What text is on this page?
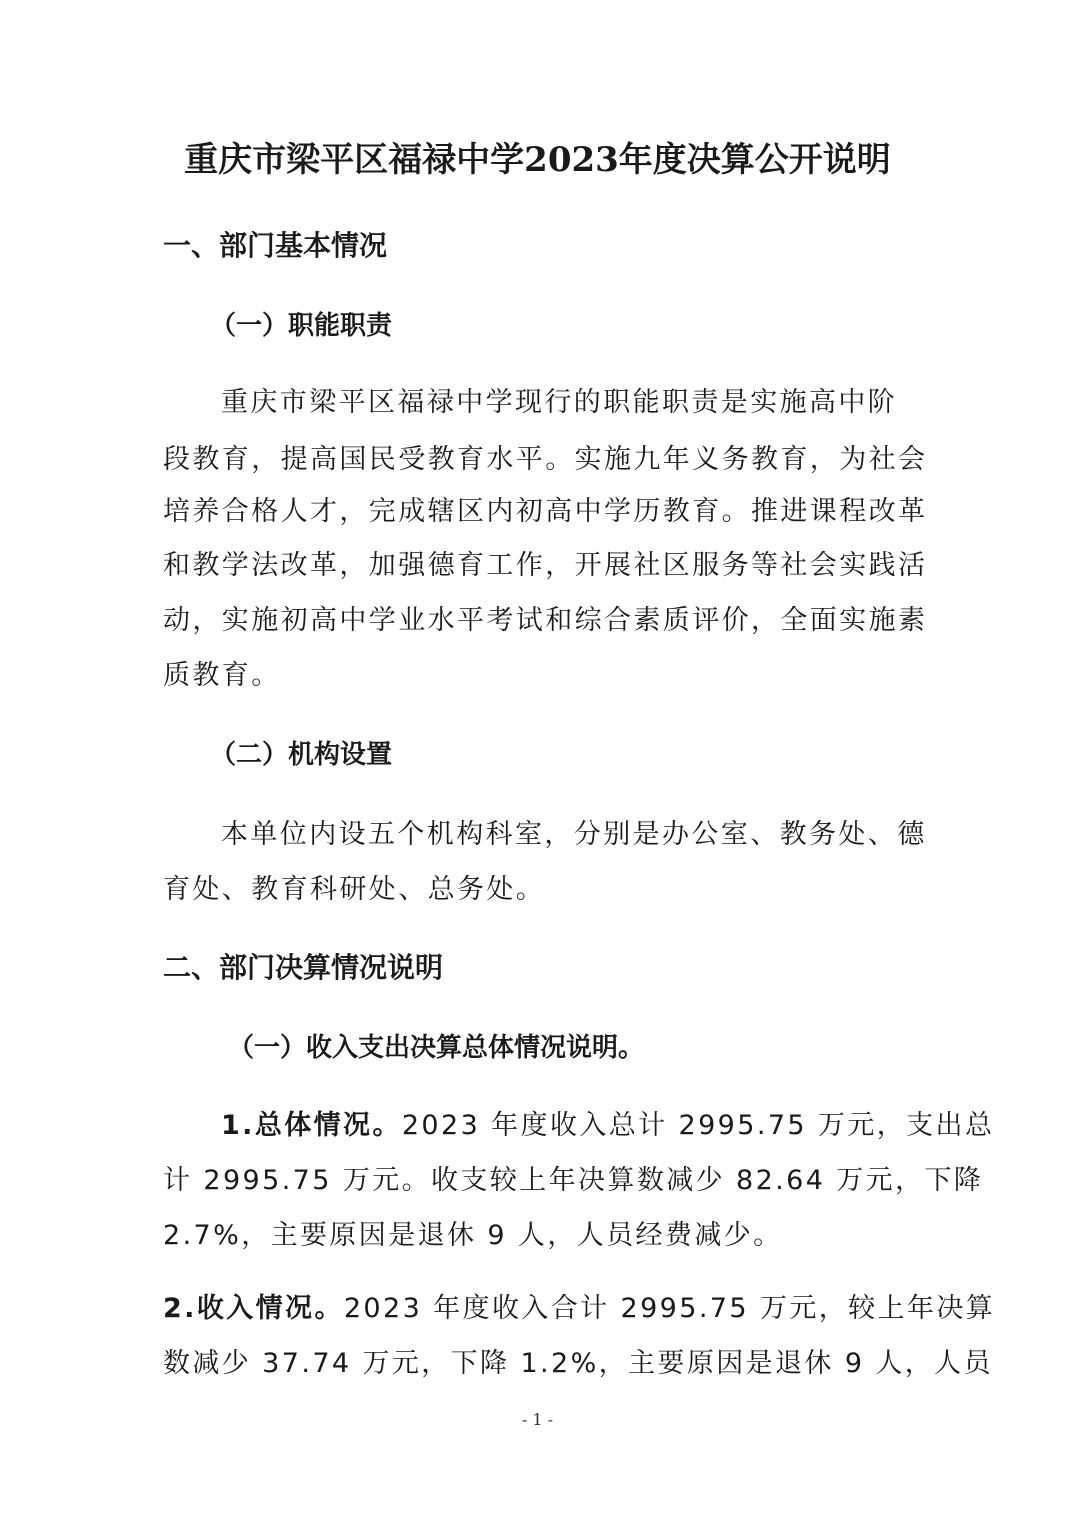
重庆市梁平区福禄中学2023年度决算公开说明
一、部门基本情况
（一）职能职责
重庆市梁平区福禄中学现行的职能职责是实施高中阶
段教育，提高国民受教育水平。实施九年义务教育，为社会
培养合格人才，完成辖区内初高中学历教育。推进课程改革
和教学法改革，加强德育工作，开展社区服务等社会实践活
动，实施初高中学业水平考试和综合素质评价，全面实施素
质教育。
（二）机构设置
本单位内设五个机构科室，分别是办公室、教务处、德
育处、教育科研处、总务处。
二、部门决算情况说明
（一）收入支出决算总体情况说明。
1.总体情况。2023 年度收入总计 2995.75 万元，支出总
计 2995.75 万元。收支较上年决算数减少 82.64 万元，下降
2.7%，主要原因是退休 9 人，人员经费减少。
2.收入情况。2023 年度收入合计 2995.75 万元，较上年决算
数减少 37.74 万元，下降 1.2%，主要原因是退休 9 人，人员
- 1 -
